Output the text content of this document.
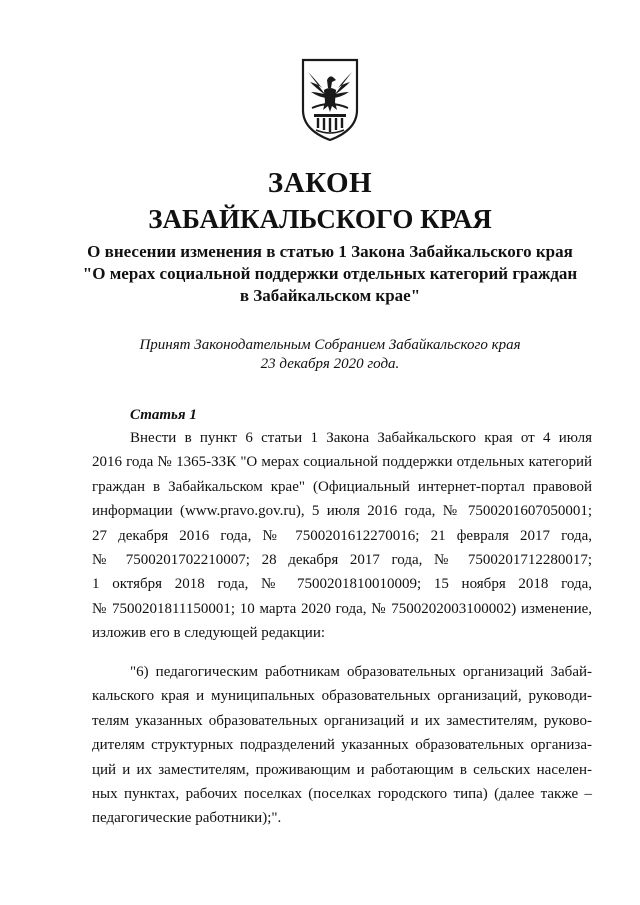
ЗАКОН
ЗАБАЙКАЛЬСКОГО КРАЯ
О внесении изменения в статью 1 Закона Забайкальского края
"О мерах социальной поддержки отдельных категорий граждан
в Забайкальском крае"
Принят Законодательным Собранием Забайкальского края
23 декабря 2020 года.
Статья 1
Внести в пункт 6 статьи 1 Закона Забайкальского края от 4 июля
2016 года № 1365-ЗЗК "О мерах социальной поддержки отдельных категорий
граждан в Забайкальском крае" (Официальный интернет-портал правовой
информации (www.pravo.gov.ru), 5 июля 2016 года, № 7500201607050001;
27 декабря 2016 года, № 7500201612270016; 21 февраля 2017 года,
№ 7500201702210007; 28 декабря 2017 года, № 7500201712280017;
1 октября 2018 года, № 7500201810010009; 15 ноября 2018 года,
№ 7500201811150001; 10 марта 2020 года, № 7500202003100002) изменение,
изложив его в следующей редакции:
"6) педагогическим работникам образовательных организаций Забай-
кальского края и муниципальных образовательных организаций, руководи-
телям указанных образовательных организаций и их заместителям, руково-
дителям структурных подразделений указанных образовательных организа-
ций и их заместителям, проживающим и работающим в сельских населен-
ных пунктах, рабочих поселках (поселках городского типа) (далее также –
педагогические работники);".
